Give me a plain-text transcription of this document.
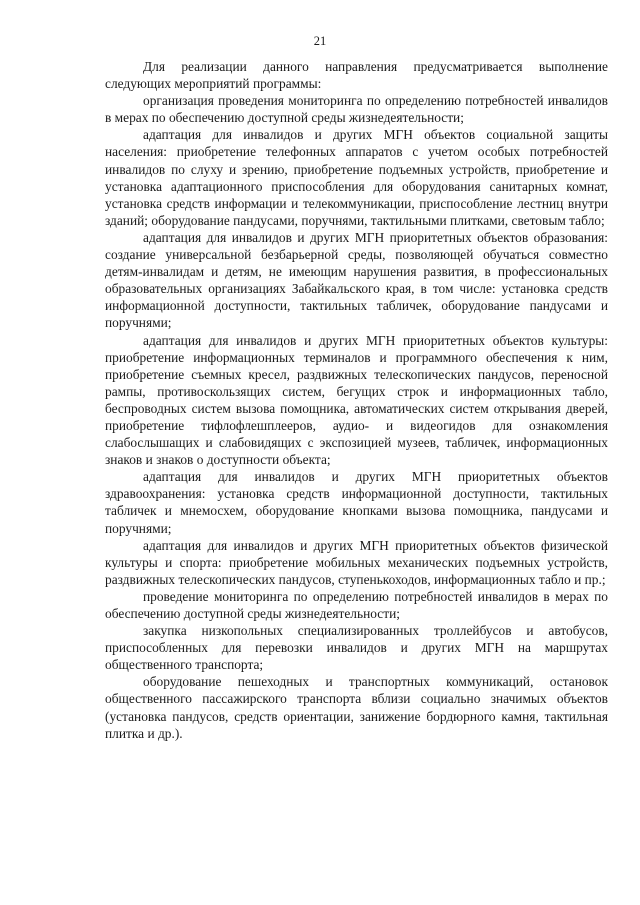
21

Для реализации данного направления предусматривается выполнение следующих мероприятий программы:

организация проведения мониторинга по определению потребностей инвалидов в мерах по обеспечению доступной среды жизнедеятельности;

адаптация для инвалидов и других МГН объектов социальной защиты населения: приобретение телефонных аппаратов с учетом особых потребностей инвалидов по слуху и зрению, приобретение подъемных устройств, приобретение и установка адаптационного приспособления для оборудования санитарных комнат, установка средств информации и телекоммуникации, приспособление лестниц внутри зданий; оборудование пандусами, поручнями, тактильными плитками, световым табло;

адаптация для инвалидов и других МГН приоритетных объектов образования: создание универсальной безбарьерной среды, позволяющей обучаться совместно детям-инвалидам и детям, не имеющим нарушения развития, в профессиональных образовательных организациях Забайкальского края, в том числе: установка средств информационной доступности, тактильных табличек, оборудование пандусами и поручнями;

адаптация для инвалидов и других МГН приоритетных объектов культуры: приобретение информационных терминалов и программного обеспечения к ним, приобретение съемных кресел, раздвижных телескопических пандусов, переносной рампы, противоскользящих систем, бегущих строк и информационных табло, беспроводных систем вызова помощника, автоматических систем открывания дверей, приобретение тифлофлешплееров, аудио- и видеогидов для ознакомления слабослышащих и слабовидящих с экспозицией музеев, табличек, информационных знаков и знаков о доступности объекта;

адаптация для инвалидов и других МГН приоритетных объектов здравоохранения: установка средств информационной доступности, тактильных табличек и мнемосхем, оборудование кнопками вызова помощника, пандусами и поручнями;

адаптация для инвалидов и других МГН приоритетных объектов физической культуры и спорта: приобретение мобильных механических подъемных устройств, раздвижных телескопических пандусов, ступенькоходов, информационных табло и пр.;

проведение мониторинга по определению потребностей инвалидов в мерах по обеспечению доступной среды жизнедеятельности;

закупка низкопольных специализированных троллейбусов и автобусов, приспособленных для перевозки инвалидов и других МГН на маршрутах общественного транспорта;

оборудование пешеходных и транспортных коммуникаций, остановок общественного пассажирского транспорта вблизи социально значимых объектов (установка пандусов, средств ориентации, занижение бордюрного камня, тактильная плитка и др.).
